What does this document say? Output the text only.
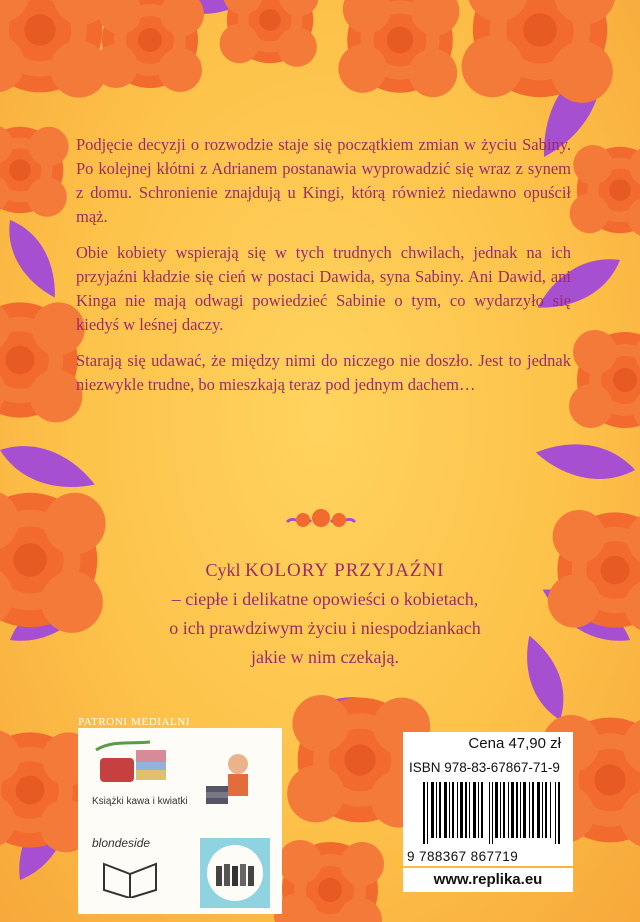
Podjęcie decyzji o rozwodzie staje się początkiem zmian w życiu Sabiny. Po kolejnej kłótni z Adrianem postanawia wyprowadzić się wraz z synem z domu. Schronienie znajdują u Kingi, którą również niedawno opuścił mąż.

Obie kobiety wspierają się w tych trudnych chwilach, jednak na ich przyjaźni kładzie się cień w postaci Dawida, syna Sabiny. Ani Dawid, ani Kinga nie mają odwagi powiedzieć Sabinie o tym, co wydarzyło się kiedyś w leśnej daczy.

Starają się udawać, że między nimi do niczego nie doszło. Jest to jednak niezwykle trudne, bo mieszkają teraz pod jednym dachem…

Cykl KOLORY PRZYJAŹNI
– ciepłe i delikatne opowieści o kobietach,
o ich prawdziwym życiu i niespodziankach
jakie w nim czekają.
PATRONI MEDIALNI
Książki kawa i kwiatki
blondeside
Cena 47,90 zł
ISBN 978-83-67867-71-9
9 788367 867719
www.replika.eu
